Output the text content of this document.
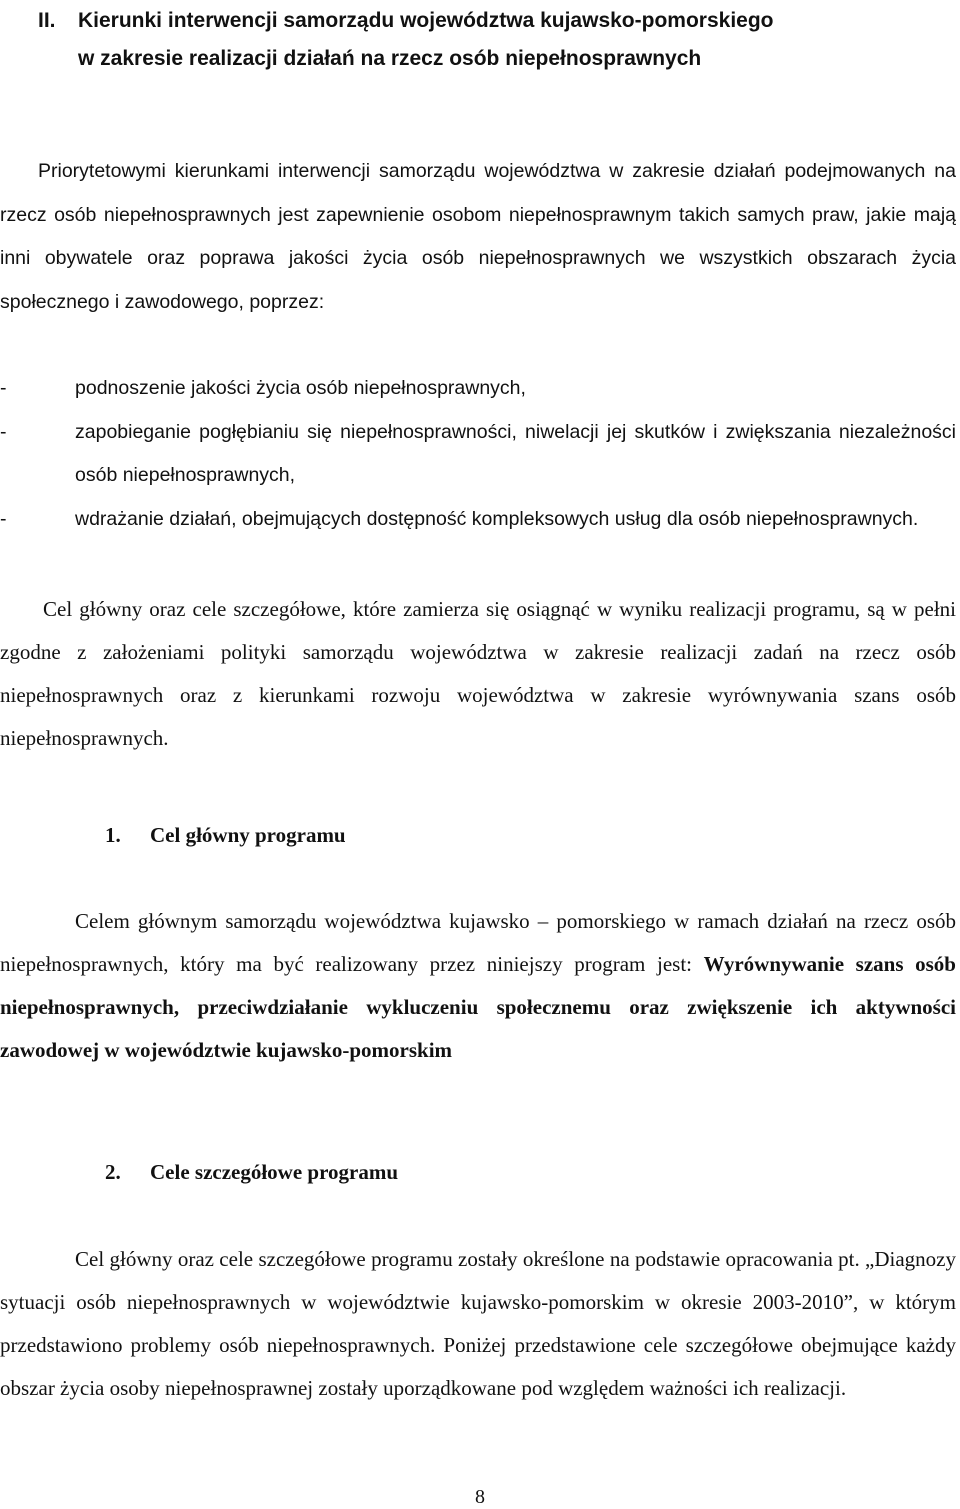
II. Kierunki interwencji samorządu województwa kujawsko-pomorskiego
w zakresie realizacji działań na rzecz osób niepełnosprawnych

Priorytetowymi kierunkami interwencji samorządu województwa w zakresie działań podejmowanych na rzecz osób niepełnosprawnych jest zapewnienie osobom niepełnosprawnym takich samych praw, jakie mają inni obywatele oraz poprawa jakości życia osób niepełnosprawnych we wszystkich obszarach życia społecznego i zawodowego, poprzez:

-	podnoszenie jakości życia osób niepełnosprawnych,
-	zapobieganie pogłębianiu się niepełnosprawności, niwelacji jej skutków i zwiększania niezależności osób niepełnosprawnych,
-	wdrażanie działań, obejmujących dostępność kompleksowych usług dla osób niepełnosprawnych.

Cel główny oraz cele szczegółowe, które zamierza się osiągnąć w wyniku realizacji programu, są w pełni zgodne z założeniami polityki samorządu województwa w zakresie realizacji zadań na rzecz osób niepełnosprawnych oraz z kierunkami rozwoju województwa w zakresie wyrównywania szans osób niepełnosprawnych.

1. Cel główny programu

Celem głównym samorządu województwa kujawsko – pomorskiego w ramach działań na rzecz osób niepełnosprawnych, który ma być realizowany przez niniejszy program jest: Wyrównywanie szans osób niepełnosprawnych, przeciwdziałanie wykluczeniu społecznemu oraz zwiększenie ich aktywności zawodowej w województwie kujawsko-pomorskim

2. Cele szczegółowe programu

Cel główny oraz cele szczegółowe programu zostały określone na podstawie opracowania pt. „Diagnozy sytuacji osób niepełnosprawnych w województwie kujawsko-pomorskim w okresie 2003-2010”, w którym przedstawiono problemy osób niepełnosprawnych. Poniżej przedstawione cele szczegółowe obejmujące każdy obszar życia osoby niepełnosprawnej zostały uporządkowane pod względem ważności ich realizacji.

8
